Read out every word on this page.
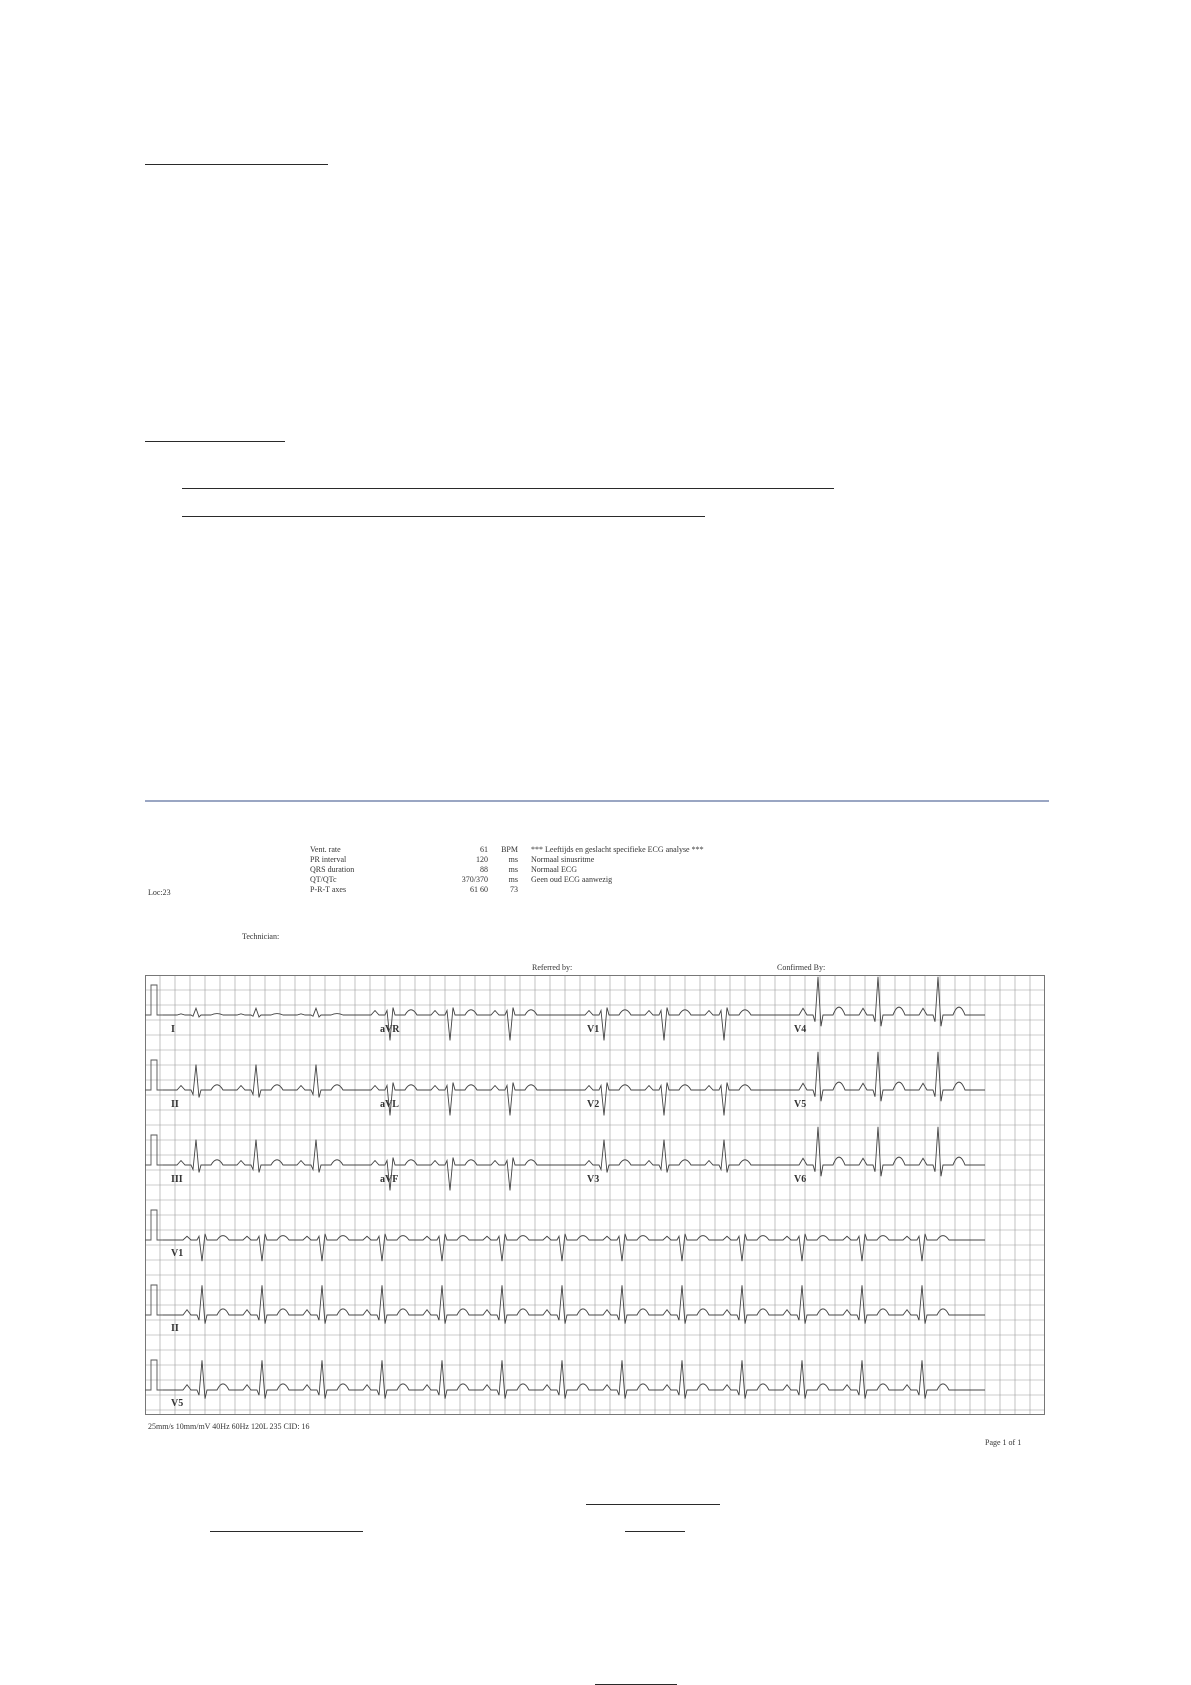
Vent. rate	61	BPM
PR interval	120	ms
QRS duration	88	ms
QT/QTc	370/370	ms
P-R-T axes	61 60	73
*** Leeftijds en geslacht specifieke ECG analyse ***
Normaal sinusritme
Normaal ECG
Geen oud ECG aanwezig
Loc:23
Technician:
Referred by:	Confirmed By:
I	aVR	V1	V4
II	aVL	V2	V5
III	aVF	V3	V6
V1
II
V5
25mm/s 10mm/mV 40Hz 60Hz 120L 235 CID: 16
Page 1 of 1
